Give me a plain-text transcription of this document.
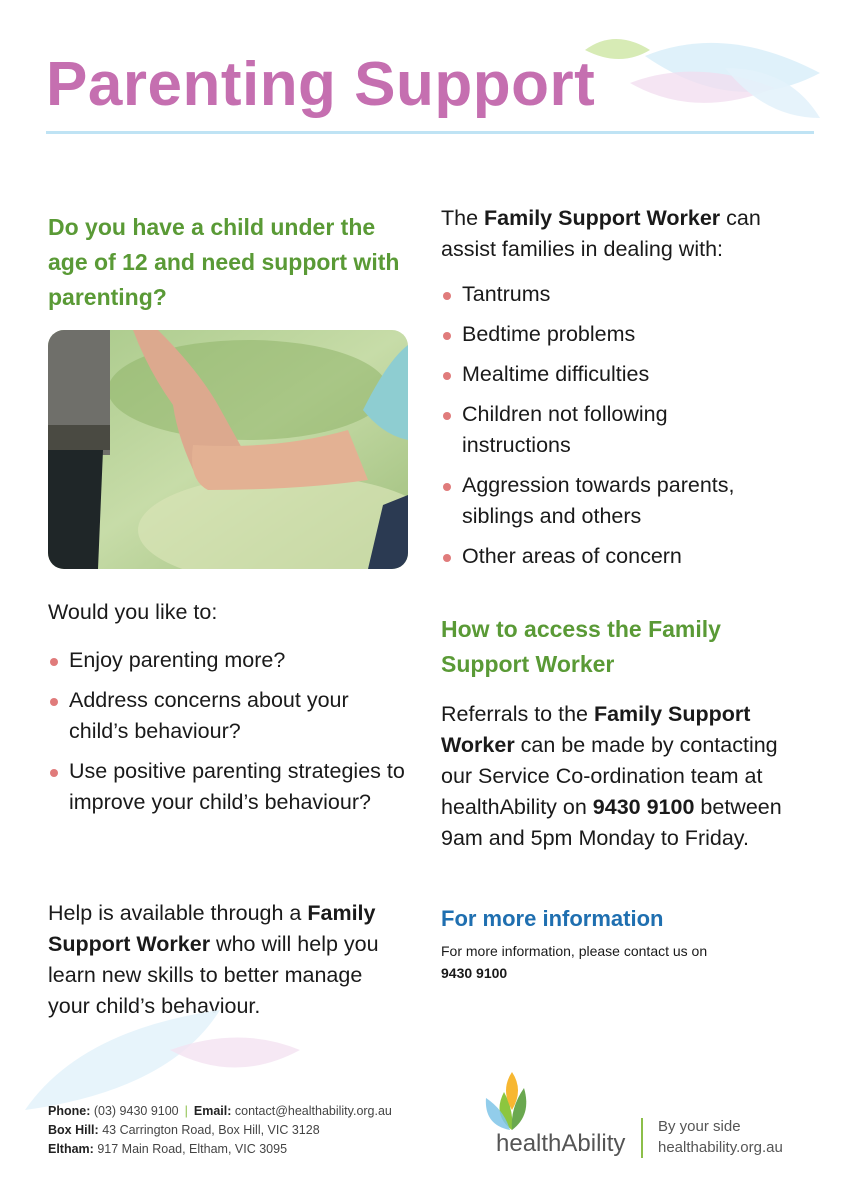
Parenting Support
Do you have a child under the age of 12 and need support with parenting?

Would you like to:

Enjoy parenting more?
Address concerns about your child’s behaviour?
Use positive parenting strategies to improve your child’s behaviour?

Help is available through a Family Support Worker who will help you learn new skills to better manage your child’s behaviour.

The Family Support Worker can assist families in dealing with:

Tantrums
Bedtime problems
Mealtime difficulties
Children not following instructions
Aggression towards parents, siblings and others
Other areas of concern
How to access the Family Support Worker

Referrals to the Family Support Worker can be made by contacting our Service Co-ordination team at healthAbility on 9430 9100 between 9am and 5pm Monday to Friday.

For more information

For more information, please contact us on 9430 9100

Phone: (03) 9430 9100 | Email: contact@healthability.org.au
Box Hill: 43 Carrington Road, Box Hill, VIC 3128
Eltham: 917 Main Road, Eltham, VIC 3095	healthAbility
By your side
healthability.org.au
